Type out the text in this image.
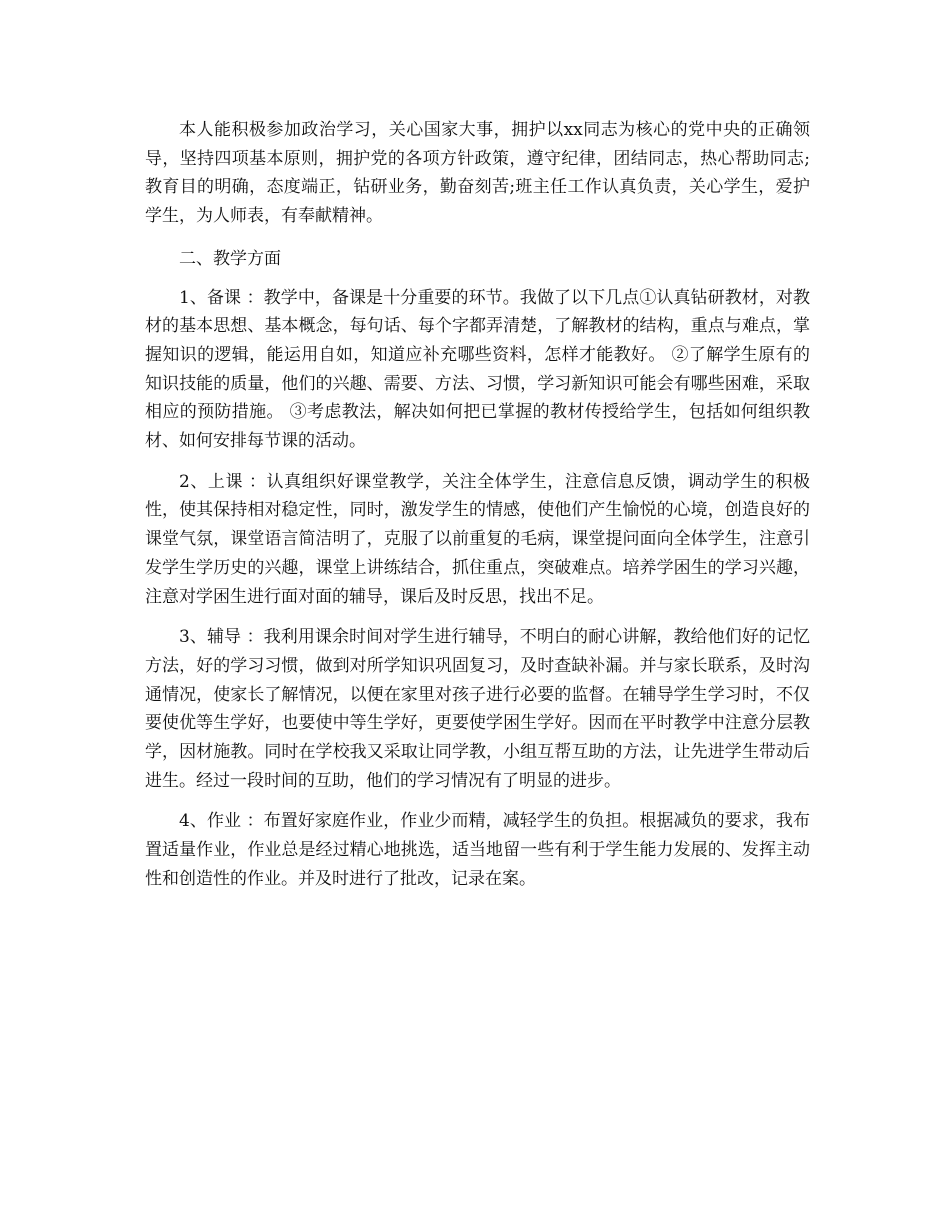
本人能积极参加政治学习，关心国家大事，拥护以xx同志为核心的党中央的正确领导，坚持四项基本原则，拥护党的各项方针政策，遵守纪律，团结同志，热心帮助同志;教育目的明确，态度端正，钻研业务，勤奋刻苦;班主任工作认真负责，关心学生，爱护学生，为人师表，有奉献精神。

二、教学方面

1、备课 ：教学中，备课是十分重要的环节。我做了以下几点①认真钻研教材，对教材的基本思想、基本概念，每句话、每个字都弄清楚，了解教材的结构，重点与难点，掌握知识的逻辑，能运用自如，知道应补充哪些资料，怎样才能教好。 ②了解学生原有的知识技能的质量，他们的兴趣、需要、方法、习惯，学习新知识可能会有哪些困难，采取相应的预防措施。 ③考虑教法，解决如何把已掌握的教材传授给学生，包括如何组织教材、如何安排每节课的活动。

2、上课 ：认真组织好课堂教学，关注全体学生，注意信息反馈，调动学生的积极性，使其保持相对稳定性，同时，激发学生的情感，使他们产生愉悦的心境，创造良好的课堂气氛，课堂语言简洁明了，克服了以前重复的毛病，课堂提问面向全体学生，注意引发学生学历史的兴趣，课堂上讲练结合，抓住重点，突破难点。培养学困生的学习兴趣，注意对学困生进行面对面的辅导，课后及时反思，找出不足。

3、辅导 ：我利用课余时间对学生进行辅导，不明白的耐心讲解，教给他们好的记忆方法，好的学习习惯，做到对所学知识巩固复习，及时查缺补漏。并与家长联系，及时沟通情况，使家长了解情况，以便在家里对孩子进行必要的监督。在辅导学生学习时，不仅要使优等生学好，也要使中等生学好，更要使学困生学好。因而在平时教学中注意分层教学，因材施教。同时在学校我又采取让同学教，小组互帮互助的方法，让先进学生带动后进生。经过一段时间的互助，他们的学习情况有了明显的进步。

4、作业 ：布置好家庭作业，作业少而精，减轻学生的负担。根据减负的要求，我布置适量作业，作业总是经过精心地挑选，适当地留一些有利于学生能力发展的、发挥主动性和创造性的作业。并及时进行了批改，记录在案。
